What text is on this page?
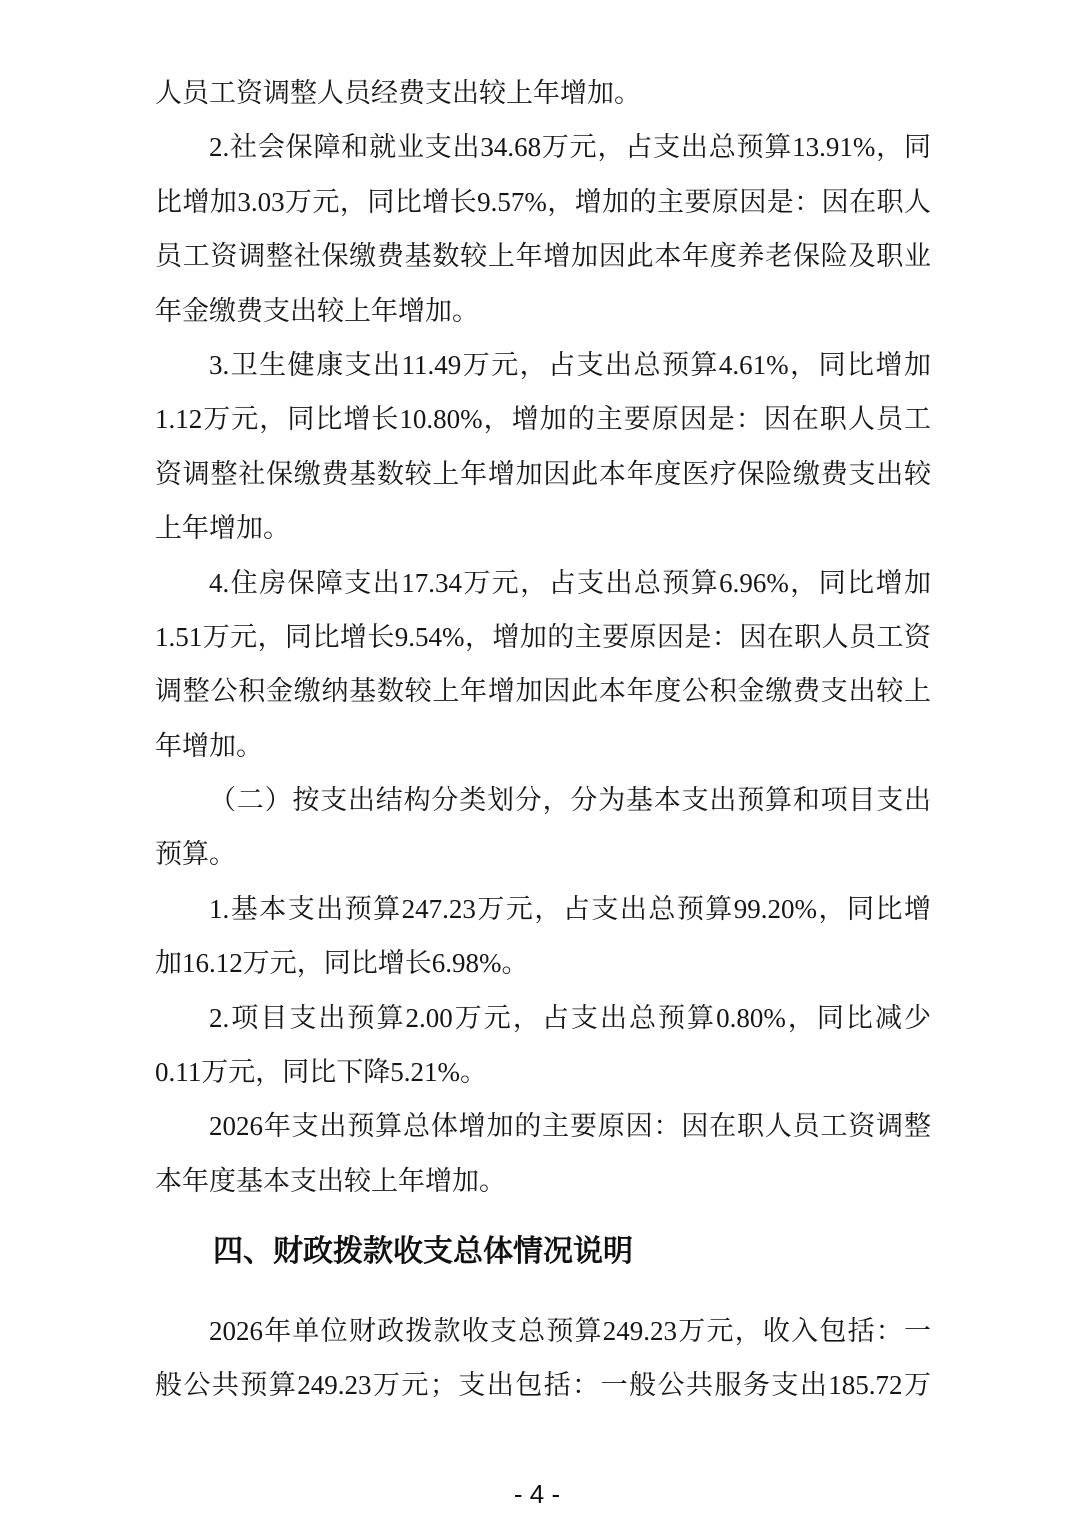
人员工资调整人员经费支出较上年增加。
2.社会保障和就业支出34.68万元，占支出总预算13.91%，同
比增加3.03万元，同比增长9.57%，增加的主要原因是：因在职人
员工资调整社保缴费基数较上年增加因此本年度养老保险及职业
年金缴费支出较上年增加。
3.卫生健康支出11.49万元，占支出总预算4.61%，同比增加
1.12万元，同比增长10.80%，增加的主要原因是：因在职人员工
资调整社保缴费基数较上年增加因此本年度医疗保险缴费支出较
上年增加。
4.住房保障支出17.34万元，占支出总预算6.96%，同比增加
1.51万元，同比增长9.54%，增加的主要原因是：因在职人员工资
调整公积金缴纳基数较上年增加因此本年度公积金缴费支出较上
年增加。
（二）按支出结构分类划分，分为基本支出预算和项目支出
预算。
1.基本支出预算247.23万元，占支出总预算99.20%，同比增
加16.12万元，同比增长6.98%。
2.项目支出预算2.00万元，占支出总预算0.80%，同比减少
0.11万元，同比下降5.21%。
2026年支出预算总体增加的主要原因：因在职人员工资调整
本年度基本支出较上年增加。
四、财政拨款收支总体情况说明
2026年单位财政拨款收支总预算249.23万元，收入包括：一
般公共预算249.23万元；支出包括：一般公共服务支出185.72万
- 4 -
